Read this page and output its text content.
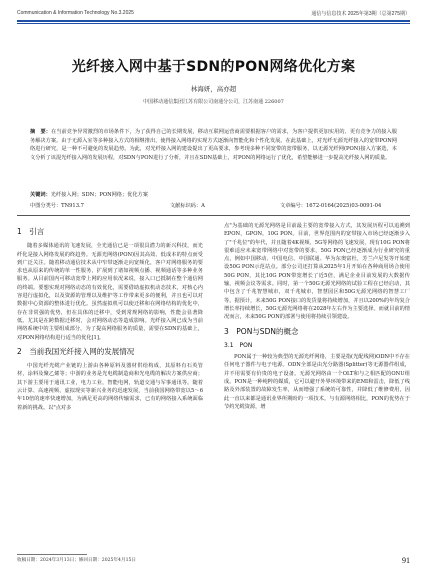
Communication & Information Technology No.3.2025	通信与信息技术 2025年第3期（总第275期）
光纤接入网中基于SDN的PON网络优化方案
林海妍，高亦超
中国移动通信集团江苏有限公司南通分公司，江苏南通 226007
摘　要：在当前竞争异常激烈的市场条件下，为了获得自己的长期发展，移动互联网运营商需要根据客户的需求，为客户提供更加实用的、更有竞争力的接入服务解决方案。由于无源入室等多种接入方式的相继推出，使得接入网络的实现方式逐渐向智能化和个性化发展。在此基础上，对光纤无源光纤接入的宽带PON网络进行研究，是一种不可避免的发展趋势。为此，对光纤接入网的建设提出了更高要求，参考现多种不同宽带的宽带服务，以无源光纤网(PON)接入方案选，本文分析了该混光纤接入网的发展历程，对SDN与PON进行了分析，并且在SDN基础上，对PON的网络运行了优化，希望能够进一步提高光纤接入网的质量。
关键词：光纤接入网；SDN；PON网络；优化方案
中图分类号：TN913.7	文献标识码：A	文章编号：1672-0164(2025)03-0091-04
1　引言

随着多媒体通讯的飞速发展，全光通信已是一项很具潜力的新兴科技，而光纤化是接入网络发展的终趋势。无源光网络(PON)因其高效、低成本的特点而受到广泛关注。随着移动通信技术从中窄带逐渐走向宽频化，客户对网络服务的要求也从原来的传统的单一性服务，扩展到了诸如视频点播、视频通话等多种业务服务。从目前国内可移动宽带上网的应用状况来说，接入口已抵制在整个通信网的终端。要想实现对网络动态的有效优化，需要借助虚拟机动态技术，对核心内容进行虚拟化，以及资源的管理以及维护等工作带来更多的便利，并且也可以对数据中心资源的整体进行优化。虽然虚拟机可以使迁移和在网络结构的优化中，存在非常强的优势，但在具体的迁移中，受到常规网络的影响，性能会显著降低。尤其是在跨数据迁移时，会对网络动态等造成影响。光纤接入网已成为当前网络系统中的主要组成部分，为了提高网络服务的质量，需要在SDN的基础上，对PON网络结构进行适当的优化[1]。

2　当前我国光纤接入网的发展情况

中国光纤光缆产业链的上游由各种原料及器材供给构成，其原料有石英管材，涂料及聚乙烯等；中游的业务是光电缆制造商和光电缆的解决方案供应商；其下游主要用于通讯工业，电力工业，智能电网，轨道交通与军事通讯等。随着云计算、高速视频、虚拟现实等新兴业务的迅速发展，当前我国网络带宽以5～6年10倍的速率快速增加，为满足更高的网络传输需求，已有的网络接入系统面临着新的挑战。以"点对多

点"为基础的无源光网络是目前最主要的宽带接入方式，其发展历程可以追溯到EPON，GPON，10G PON。目前，世界范围内的宽带接入市场已经逐渐步入了"千兆位"的年代，并且随着4K视频、5G等网络的飞速发展，现有10G PON将很难适应未来宽带网络中对宽带的要求，50G PON已经逐渐成为行业研究的重点，例如中国移动、中国电信、中国联通、华为东奥富杜，芳兰卢尼发等开始建设50G PON示范站点。部分公司还打算从2025年1月开始在各种商用场合使用50G PON，其比10G PON带宽增长了近5倍，满足企业目前发展的大数据传输，视频会议等需求。同时，第一个50G无源光网络的试验工程在已经启动，其中包含了千兆智慧城市，双千兆城市，智慧园区和50G无源光网络的智慧工厂等。据预计，未来50G PON接口的发货量将持续增加，并且以200%的年均复合增长率持续增长，50G无源光网络将在2028年左右作为主要选择。而就目前的情况而言，未来50G PON的部署与使用将持续引领建设。

3　PON与SDN的概念
3.1　PON

PON属于一种较为典型的无源光纤网络，主要是指(光配线网)ODN中不存在任何电子器件与电子电源。ODN全部是由光分路器(Splitter)等无源器件组成，并不用需要有价贵的电子设备。无源光网络由一个OLT和与之相匹配的ONU组成。PON是一种纯粹的媒质，它可以避开外界环境带来的EMI和雷击，降低了线路及外部装置的故障发生率，从而增强了系统的可靠性，并降低了维修费用，因此一直以来都是通讯业界所期盼的一项技术。与有源网络相比，PON的优势在于节约光缆资源，增

收稿日期：2024年3月13日；修回日期：2025年4月15日	91
